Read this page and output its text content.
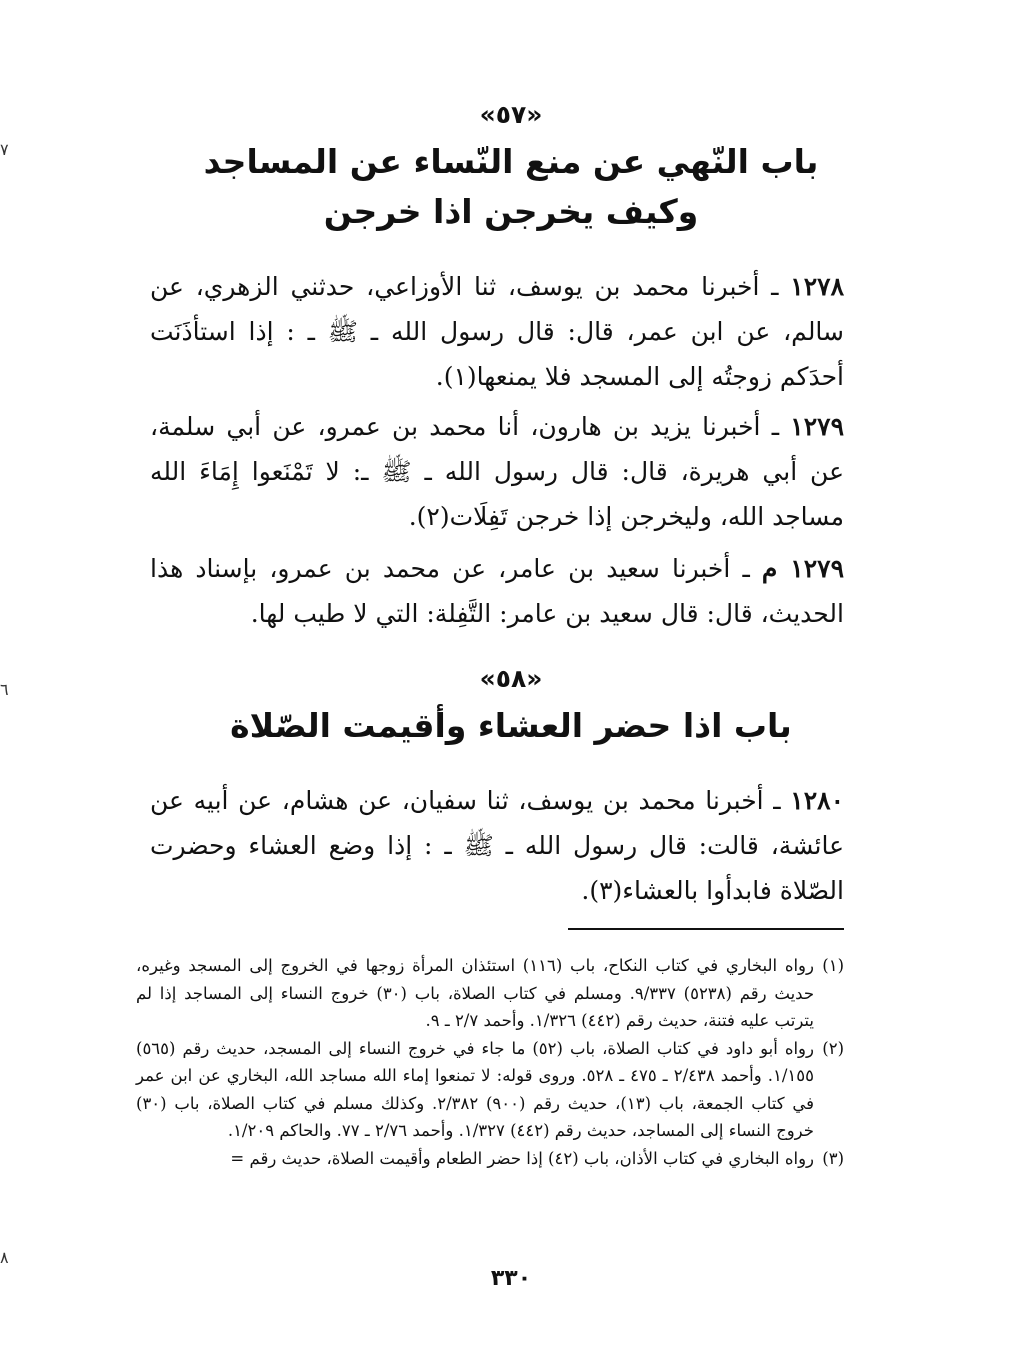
٧
٦
٨
«٥٧»
باب النّهي عن منع النّساء عن المساجد
وكيف يخرجن اذا خرجن
١٢٧٨ ـ أخبرنا محمد بن يوسف، ثنا الأوزاعي، حدثني الزهري، عن سالم، عن ابن عمر، قال: قال رسول الله ـ ﷺ ـ : إذا استأذَنَت أحدَكم زوجتُه إلى المسجد فلا يمنعها(١).
١٢٧٩ ـ أخبرنا يزيد بن هارون، أنا محمد بن عمرو، عن أبي سلمة، عن أبي هريرة، قال: قال رسول الله ـ ﷺ ـ: لا تَمْنَعوا إِمَاءَ الله مساجد الله، وليخرجن إذا خرجن تَفِلَات(٢).
١٢٧٩ م ـ أخبرنا سعيد بن عامر، عن محمد بن عمرو، بإسناد هذا الحديث، قال: قال سعيد بن عامر: التَّفِلة: التي لا طيب لها.
«٥٨»
باب اذا حضر العشاء وأقيمت الصّلاة
١٢٨٠ ـ أخبرنا محمد بن يوسف، ثنا سفيان، عن هشام، عن أبيه عن عائشة، قالت: قال رسول الله ـ ﷺ ـ : إذا وضع العشاء وحضرت الصّلاة فابدأوا بالعشاء(٣).
(١)
رواه البخاري في كتاب النكاح، باب (١١٦) استئذان المرأة زوجها في الخروج إلى المسجد وغيره، حديث رقم (٥٢٣٨) ٩/٣٣٧. ومسلم في كتاب الصلاة، باب (٣٠) خروج النساء إلى المساجد إذا لم يترتب عليه فتنة، حديث رقم (٤٤٢) ١/٣٢٦. وأحمد ٢/٧ ـ ٩.
(٢)
رواه أبو داود في كتاب الصلاة، باب (٥٢) ما جاء في خروج النساء إلى المسجد، حديث رقم (٥٦٥) ١/١٥٥. وأحمد ٢/٤٣٨ ـ ٤٧٥ ـ ٥٢٨. وروى قوله: لا تمنعوا إماء الله مساجد الله، البخاري عن ابن عمر في كتاب الجمعة، باب (١٣)، حديث رقم (٩٠٠) ٢/٣٨٢. وكذلك مسلم في كتاب الصلاة، باب (٣٠) خروج النساء إلى المساجد، حديث رقم (٤٤٢) ١/٣٢٧. وأحمد ٢/٧٦ ـ ٧٧. والحاكم ١/٢٠٩.
(٣)
رواه البخاري في كتاب الأذان، باب (٤٢) إذا حضر الطعام وأقيمت الصلاة، حديث رقم =
٣٣٠
